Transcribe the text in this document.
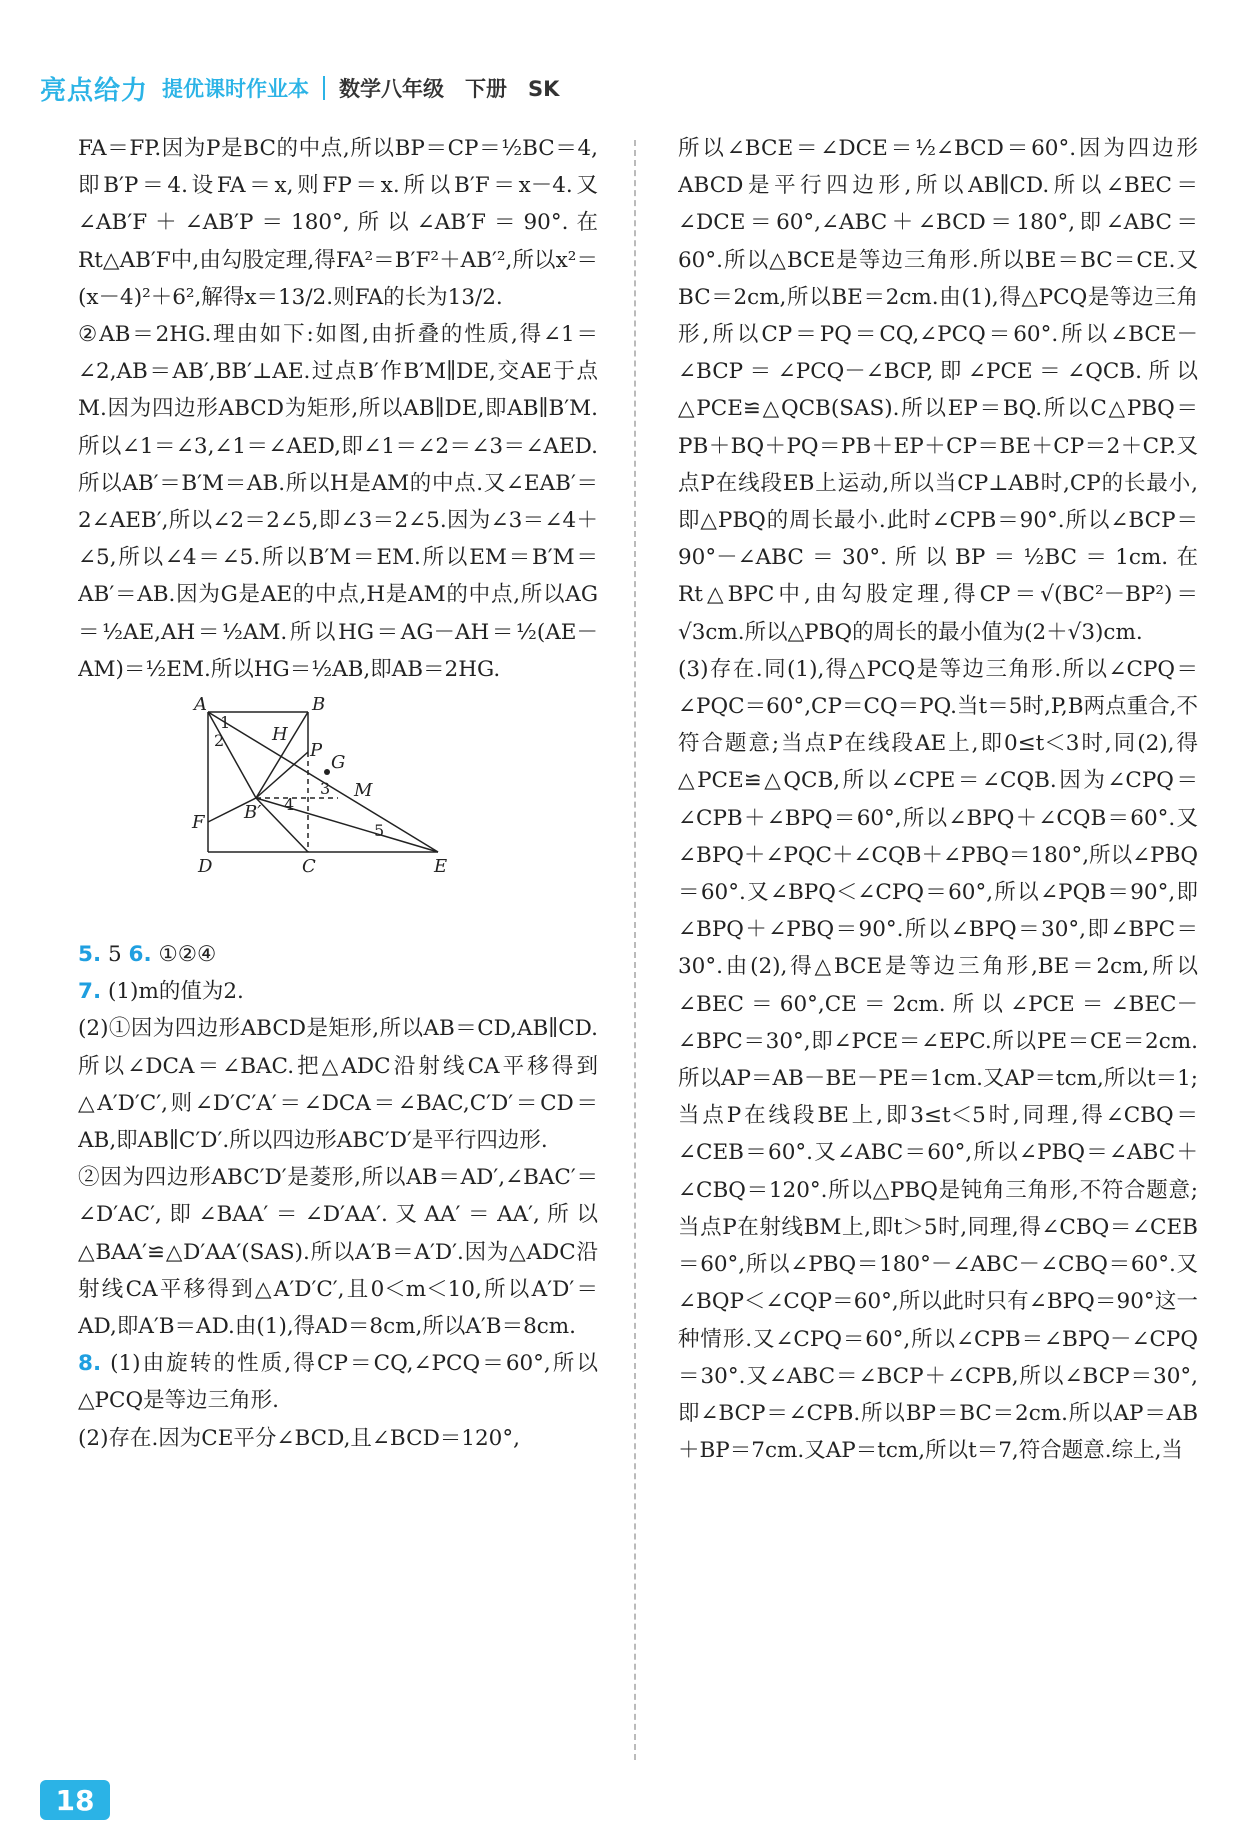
亮点给力 提优课时作业本 数学八年级　下册　SK

FA＝FP.因为P是BC的中点,所以BP＝CP＝½BC＝4,即B′P＝4.设FA＝x,则FP＝x.所以B′F＝x－4.又∠AB′F＋∠AB′P＝180°,所以∠AB′F＝90°.在Rt△AB′F中,由勾股定理,得FA²＝B′F²＋AB′²,所以x²＝(x－4)²＋6²,解得x＝13/2.则FA的长为13/2.

②AB＝2HG.理由如下:如图,由折叠的性质,得∠1＝∠2,AB＝AB′,BB′⊥AE.过点B′作B′M∥DE,交AE于点M.因为四边形ABCD为矩形,所以AB∥DE,即AB∥B′M.所以∠1＝∠3,∠1＝∠AED,即∠1＝∠2＝∠3＝∠AED.所以AB′＝B′M＝AB.所以H是AM的中点.又∠EAB′＝2∠AEB′,所以∠2＝2∠5,即∠3＝2∠5.因为∠3＝∠4＋∠5,所以∠4＝∠5.所以B′M＝EM.所以EM＝B′M＝AB′＝AB.因为G是AE的中点,H是AM的中点,所以AG＝½AE,AH＝½AM.所以HG＝AG－AH＝½(AE－AM)＝½EM.所以HG＝½AB,即AB＝2HG.

A	B
C
D	E
F
G
H
M
P
B′
1
2
3
4
5

5. 5 6. ①②④

7. (1)m的值为2.

(2)①因为四边形ABCD是矩形,所以AB＝CD,AB∥CD.所以∠DCA＝∠BAC.把△ADC沿射线CA平移得到△A′D′C′,则∠D′C′A′＝∠DCA＝∠BAC,C′D′＝CD＝AB,即AB∥C′D′.所以四边形ABC′D′是平行四边形.

②因为四边形ABC′D′是菱形,所以AB＝AD′,∠BAC′＝∠D′AC′,即∠BAA′＝∠D′AA′.又AA′＝AA′,所以△BAA′≌△D′AA′(SAS).所以A′B＝A′D′.因为△ADC沿射线CA平移得到△A′D′C′,且0＜m＜10,所以A′D′＝AD,即A′B＝AD.由(1),得AD＝8cm,所以A′B＝8cm.

8. (1)由旋转的性质,得CP＝CQ,∠PCQ＝60°,所以△PCQ是等边三角形.

(2)存在.因为CE平分∠BCD,且∠BCD＝120°,

所以∠BCE＝∠DCE＝½∠BCD＝60°.因为四边形ABCD是平行四边形,所以AB∥CD.所以∠BEC＝∠DCE＝60°,∠ABC＋∠BCD＝180°,即∠ABC＝60°.所以△BCE是等边三角形.所以BE＝BC＝CE.又BC＝2cm,所以BE＝2cm.由(1),得△PCQ是等边三角形,所以CP＝PQ＝CQ,∠PCQ＝60°.所以∠BCE－∠BCP＝∠PCQ－∠BCP,即∠PCE＝∠QCB.所以△PCE≌△QCB(SAS).所以EP＝BQ.所以C△PBQ＝PB＋BQ＋PQ＝PB＋EP＋CP＝BE＋CP＝2＋CP.又点P在线段EB上运动,所以当CP⊥AB时,CP的长最小,即△PBQ的周长最小.此时∠CPB＝90°.所以∠BCP＝90°－∠ABC＝30°.所以BP＝½BC＝1cm.在Rt△BPC中,由勾股定理,得CP＝√(BC²－BP²)＝√3cm.所以△PBQ的周长的最小值为(2＋√3)cm.

(3)存在.同(1),得△PCQ是等边三角形.所以∠CPQ＝∠PQC＝60°,CP＝CQ＝PQ.当t＝5时,P,B两点重合,不符合题意;当点P在线段AE上,即0≤t＜3时,同(2),得△PCE≌△QCB,所以∠CPE＝∠CQB.因为∠CPQ＝∠CPB＋∠BPQ＝60°,所以∠BPQ＋∠CQB＝60°.又∠BPQ＋∠PQC＋∠CQB＋∠PBQ＝180°,所以∠PBQ＝60°.又∠BPQ＜∠CPQ＝60°,所以∠PQB＝90°,即∠BPQ＋∠PBQ＝90°.所以∠BPQ＝30°,即∠BPC＝30°.由(2),得△BCE是等边三角形,BE＝2cm,所以∠BEC＝60°,CE＝2cm.所以∠PCE＝∠BEC－∠BPC＝30°,即∠PCE＝∠EPC.所以PE＝CE＝2cm.所以AP＝AB－BE－PE＝1cm.又AP＝tcm,所以t＝1;当点P在线段BE上,即3≤t＜5时,同理,得∠CBQ＝∠CEB＝60°.又∠ABC＝60°,所以∠PBQ＝∠ABC＋∠CBQ＝120°.所以△PBQ是钝角三角形,不符合题意;当点P在射线BM上,即t＞5时,同理,得∠CBQ＝∠CEB＝60°,所以∠PBQ＝180°－∠ABC－∠CBQ＝60°.又∠BQP＜∠CQP＝60°,所以此时只有∠BPQ＝90°这一种情形.又∠CPQ＝60°,所以∠CPB＝∠BPQ－∠CPQ＝30°.又∠ABC＝∠BCP＋∠CPB,所以∠BCP＝30°,即∠BCP＝∠CPB.所以BP＝BC＝2cm.所以AP＝AB＋BP＝7cm.又AP＝tcm,所以t＝7,符合题意.综上,当

18
